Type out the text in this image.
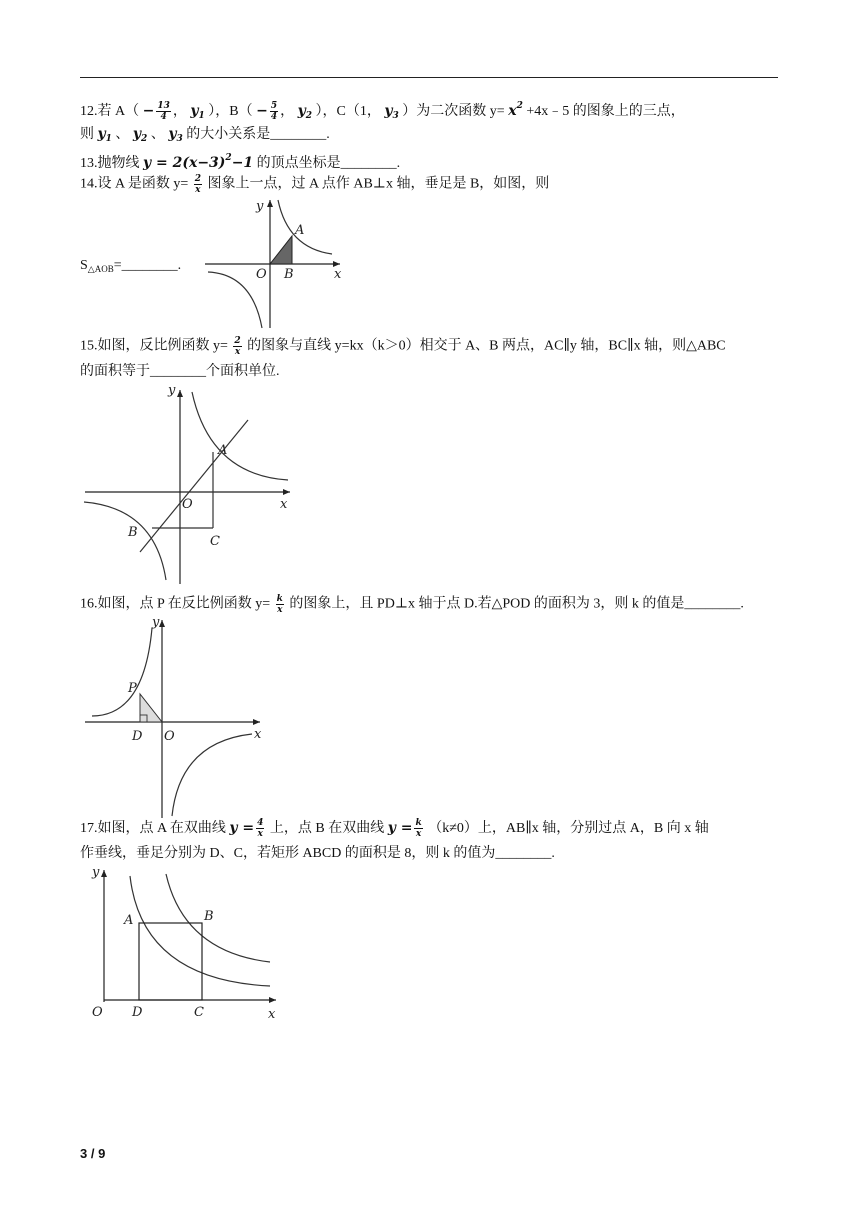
12.若 $A( - \frac{13}{4}$ ， $y_1$ ），$B( - \frac{5}{4}$ ， $y_2$ ），C（1， $y_3$ ）为二次函数 $y= x^2$ +4x﹣5 的图象上的三点，
则 $y_1$ 、 $y_2$ 、 $y_3$ 的大小关系是________.
13.抛物线 $y = 2(x-3)^2-1$ 的顶点坐标是________.
14.设 A 是函数 $y= \frac{2}{x}$ 图象上一点，过 A 点作 AB⊥x 轴，垂足是 B，如图，则
$S_{\triangle AOB}=\_\_\_\_\_\_\_\_$.
y
A
O B	x
15.如图，反比例函数 $y= \frac{2}{x}$ 的图象与直线 y=kx（k＞0）相交于 A、B 两点，AC∥y 轴，BC∥x 轴，则△ABC
的面积等于________个面积单位.
y
A
O
B
C
x
16.如图，点 P 在反比例函数 $y= \frac{k}{x}$ 的图象上，且 PD⊥x 轴于点 D.若△POD 的面积为 3，则 k 的值是________.
y
P
D O	x
17.如图，点 A 在双曲线 $y = \frac{4}{x}$ 上，点 B 在双曲线 $y = \frac{k}{x} (k\ne 0)$上，AB∥x 轴，分别过点 A，B 向 x 轴
作垂线，垂足分别为 D、C，若矩形 ABCD 的面积是 8，则 k 的值为________.
y
A	B
O D	C	x
3 / 9
